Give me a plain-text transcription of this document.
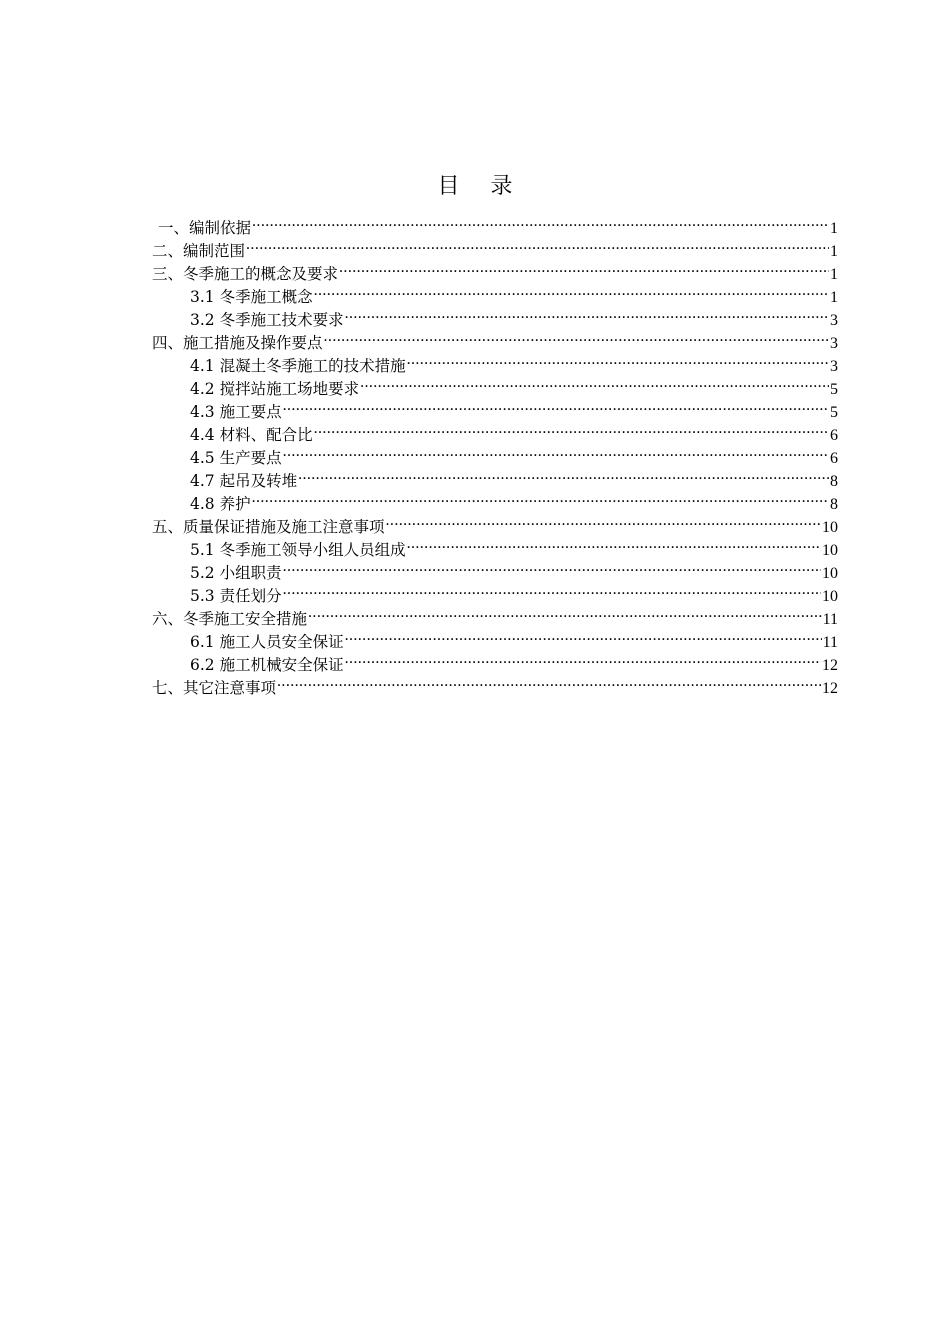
目 录
一、编制依据 .....	1
二、编制范围 .....	1
三、冬季施工的概念及要求 .....	1
3.1 冬季施工概念 .....	1
3.2 冬季施工技术要求 .....	3
四、施工措施及操作要点 .....	3
4.1 混凝土冬季施工的技术措施 .....	3
4.2 搅拌站施工场地要求 .....	5
4.3 施工要点 .....	5
4.4 材料、配合比 .....	6
4.5 生产要点 .....	6
4.7 起吊及转堆 .....	8
4.8 养护 .....	8
五、质量保证措施及施工注意事项 .....	10
5.1 冬季施工领导小组人员组成 .....	10
5.2 小组职责 .....	10
5.3 责任划分 .....	10
六、冬季施工安全措施 .....	11
6.1 施工人员安全保证 .....	11
6.2 施工机械安全保证 .....	12
七、其它注意事项 .....	12
